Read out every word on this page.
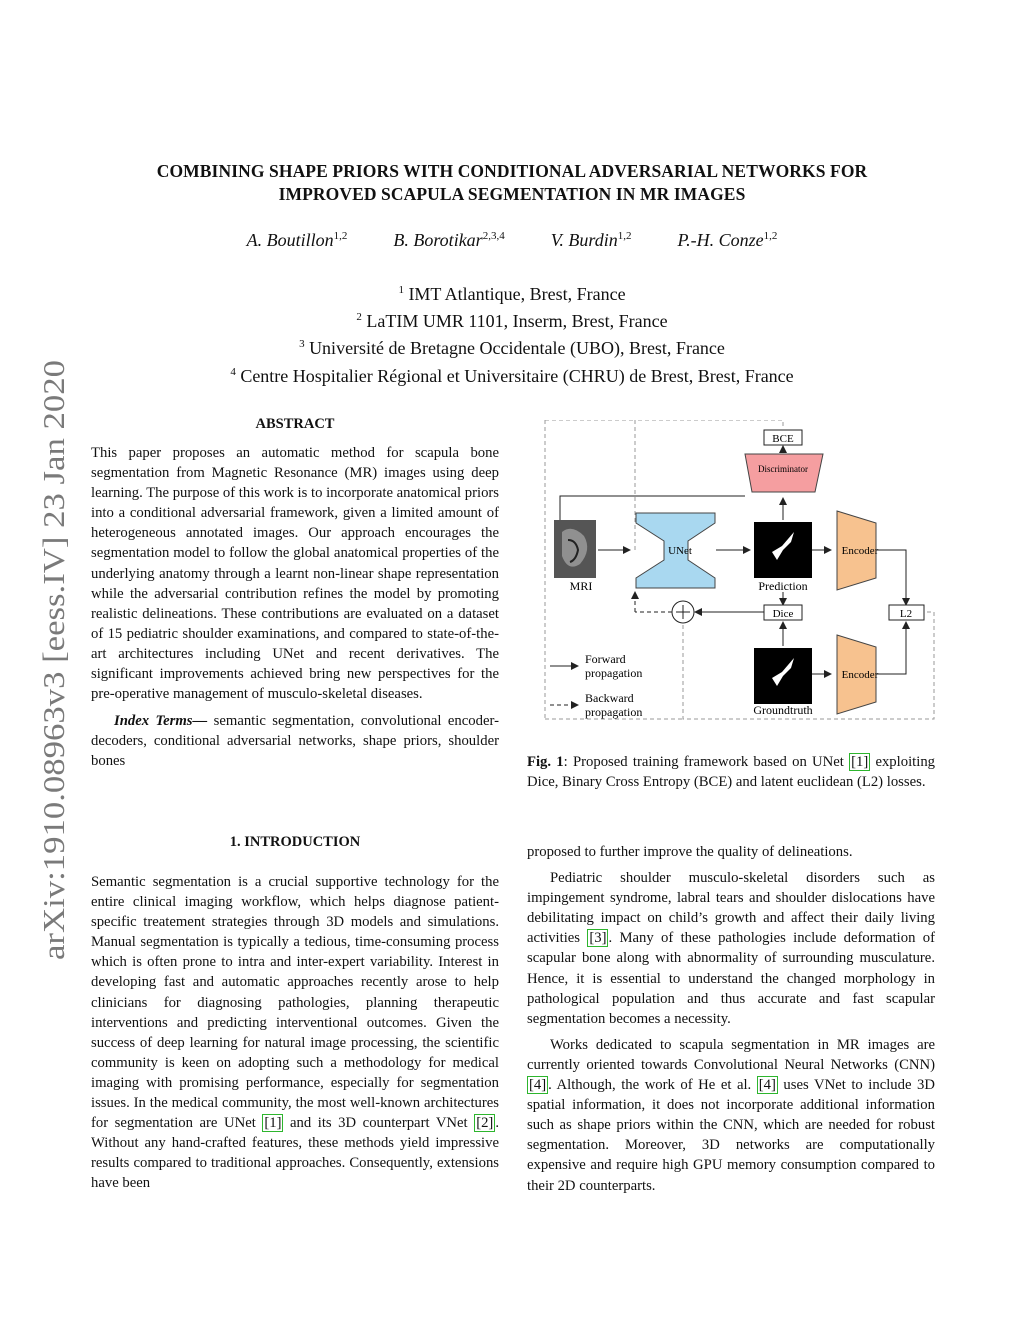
arXiv:1910.08963v3 [eess.IV] 23 Jan 2020
COMBINING SHAPE PRIORS WITH CONDITIONAL ADVERSARIAL NETWORKS FOR
IMPROVED SCAPULA SEGMENTATION IN MR IMAGES
A. Boutillon$^{1,2}$	B. Borotikar$^{2,3,4}$	V. Burdin$^{1,2}$	P.-H. Conze$^{1,2}$
$^1$ IMT Atlantique, Brest, France
$^2$ LaTIM UMR 1101, Inserm, Brest, France
$^3$ Université de Bretagne Occidentale (UBO), Brest, France
$^4$ Centre Hospitalier Régional et Universitaire (CHRU) de Brest, Brest, France
ABSTRACT

This paper proposes an automatic method for scapula bone segmentation from Magnetic Resonance (MR) images using deep learning. The purpose of this work is to incorporate anatomical priors into a conditional adversarial framework, given a limited amount of heterogeneous annotated images. Our approach encourages the segmentation model to follow the global anatomical properties of the underlying anatomy through a learnt non-linear shape representation while the adversarial contribution refines the model by promoting realistic delineations. These contributions are evaluated on a dataset of 15 pediatric shoulder examinations, and compared to state-of-the-art architectures including UNet and recent derivatives. The significant improvements achieved bring new perspectives for the pre-operative management of musculo-skeletal diseases.

Index Terms— semantic segmentation, convolutional encoder-decoders, conditional adversarial networks, shape priors, shoulder bones

1. INTRODUCTION

Semantic segmentation is a crucial supportive technology for the entire clinical imaging workflow, which helps diagnose patient-specific treatement strategies through 3D models and simulations. Manual segmentation is typically a tedious, time-consuming process which is often prone to intra and inter-expert variability. Interest in developing fast and automatic approaches recently arose to help clinicians for diagnosing pathologies, planning therapeutic interventions and predicting interventional outcomes. Given the success of deep learning for natural image processing, the scientific community is keen on adopting such a methodology for medical imaging with promising performance, especially for segmentation issues. In the medical community, the most well-known architectures for segmentation are UNet [1] and its 3D counterpart VNet [2] . Without any hand-crafted features, these methods yield impressive results compared to traditional approaches. Consequently, extensions have been

BCE
Discriminator
MRI
UNet
Prediction
Encoder
Dice	L2
Groundtruth
Encoder
Forward
propagation
Backward
propagation
Fig. 1: Proposed training framework based on UNet [1] exploiting Dice, Binary Cross Entropy (BCE) and latent euclidean (L2) losses.

proposed to further improve the quality of delineations.

Pediatric shoulder musculo-skeletal disorders such as impingement syndrome, labral tears and shoulder dislocations have debilitating impact on child’s growth and affect their daily living activities [3] . Many of these pathologies include deformation of scapular bone along with abnormality of surrounding musculature. Hence, it is essential to understand the changed morphology in pathological population and thus accurate and fast scapular segmentation becomes a necessity.

Works dedicated to scapula segmentation in MR images are currently oriented towards Convolutional Neural Networks (CNN) [4] . Although, the work of He et al. [4] uses VNet to include 3D spatial information, it does not incorporate additional information such as shape priors within the CNN, which are needed for robust segmentation. Moreover, 3D networks are computationally expensive and require high GPU memory consumption compared to their 2D counterparts.
